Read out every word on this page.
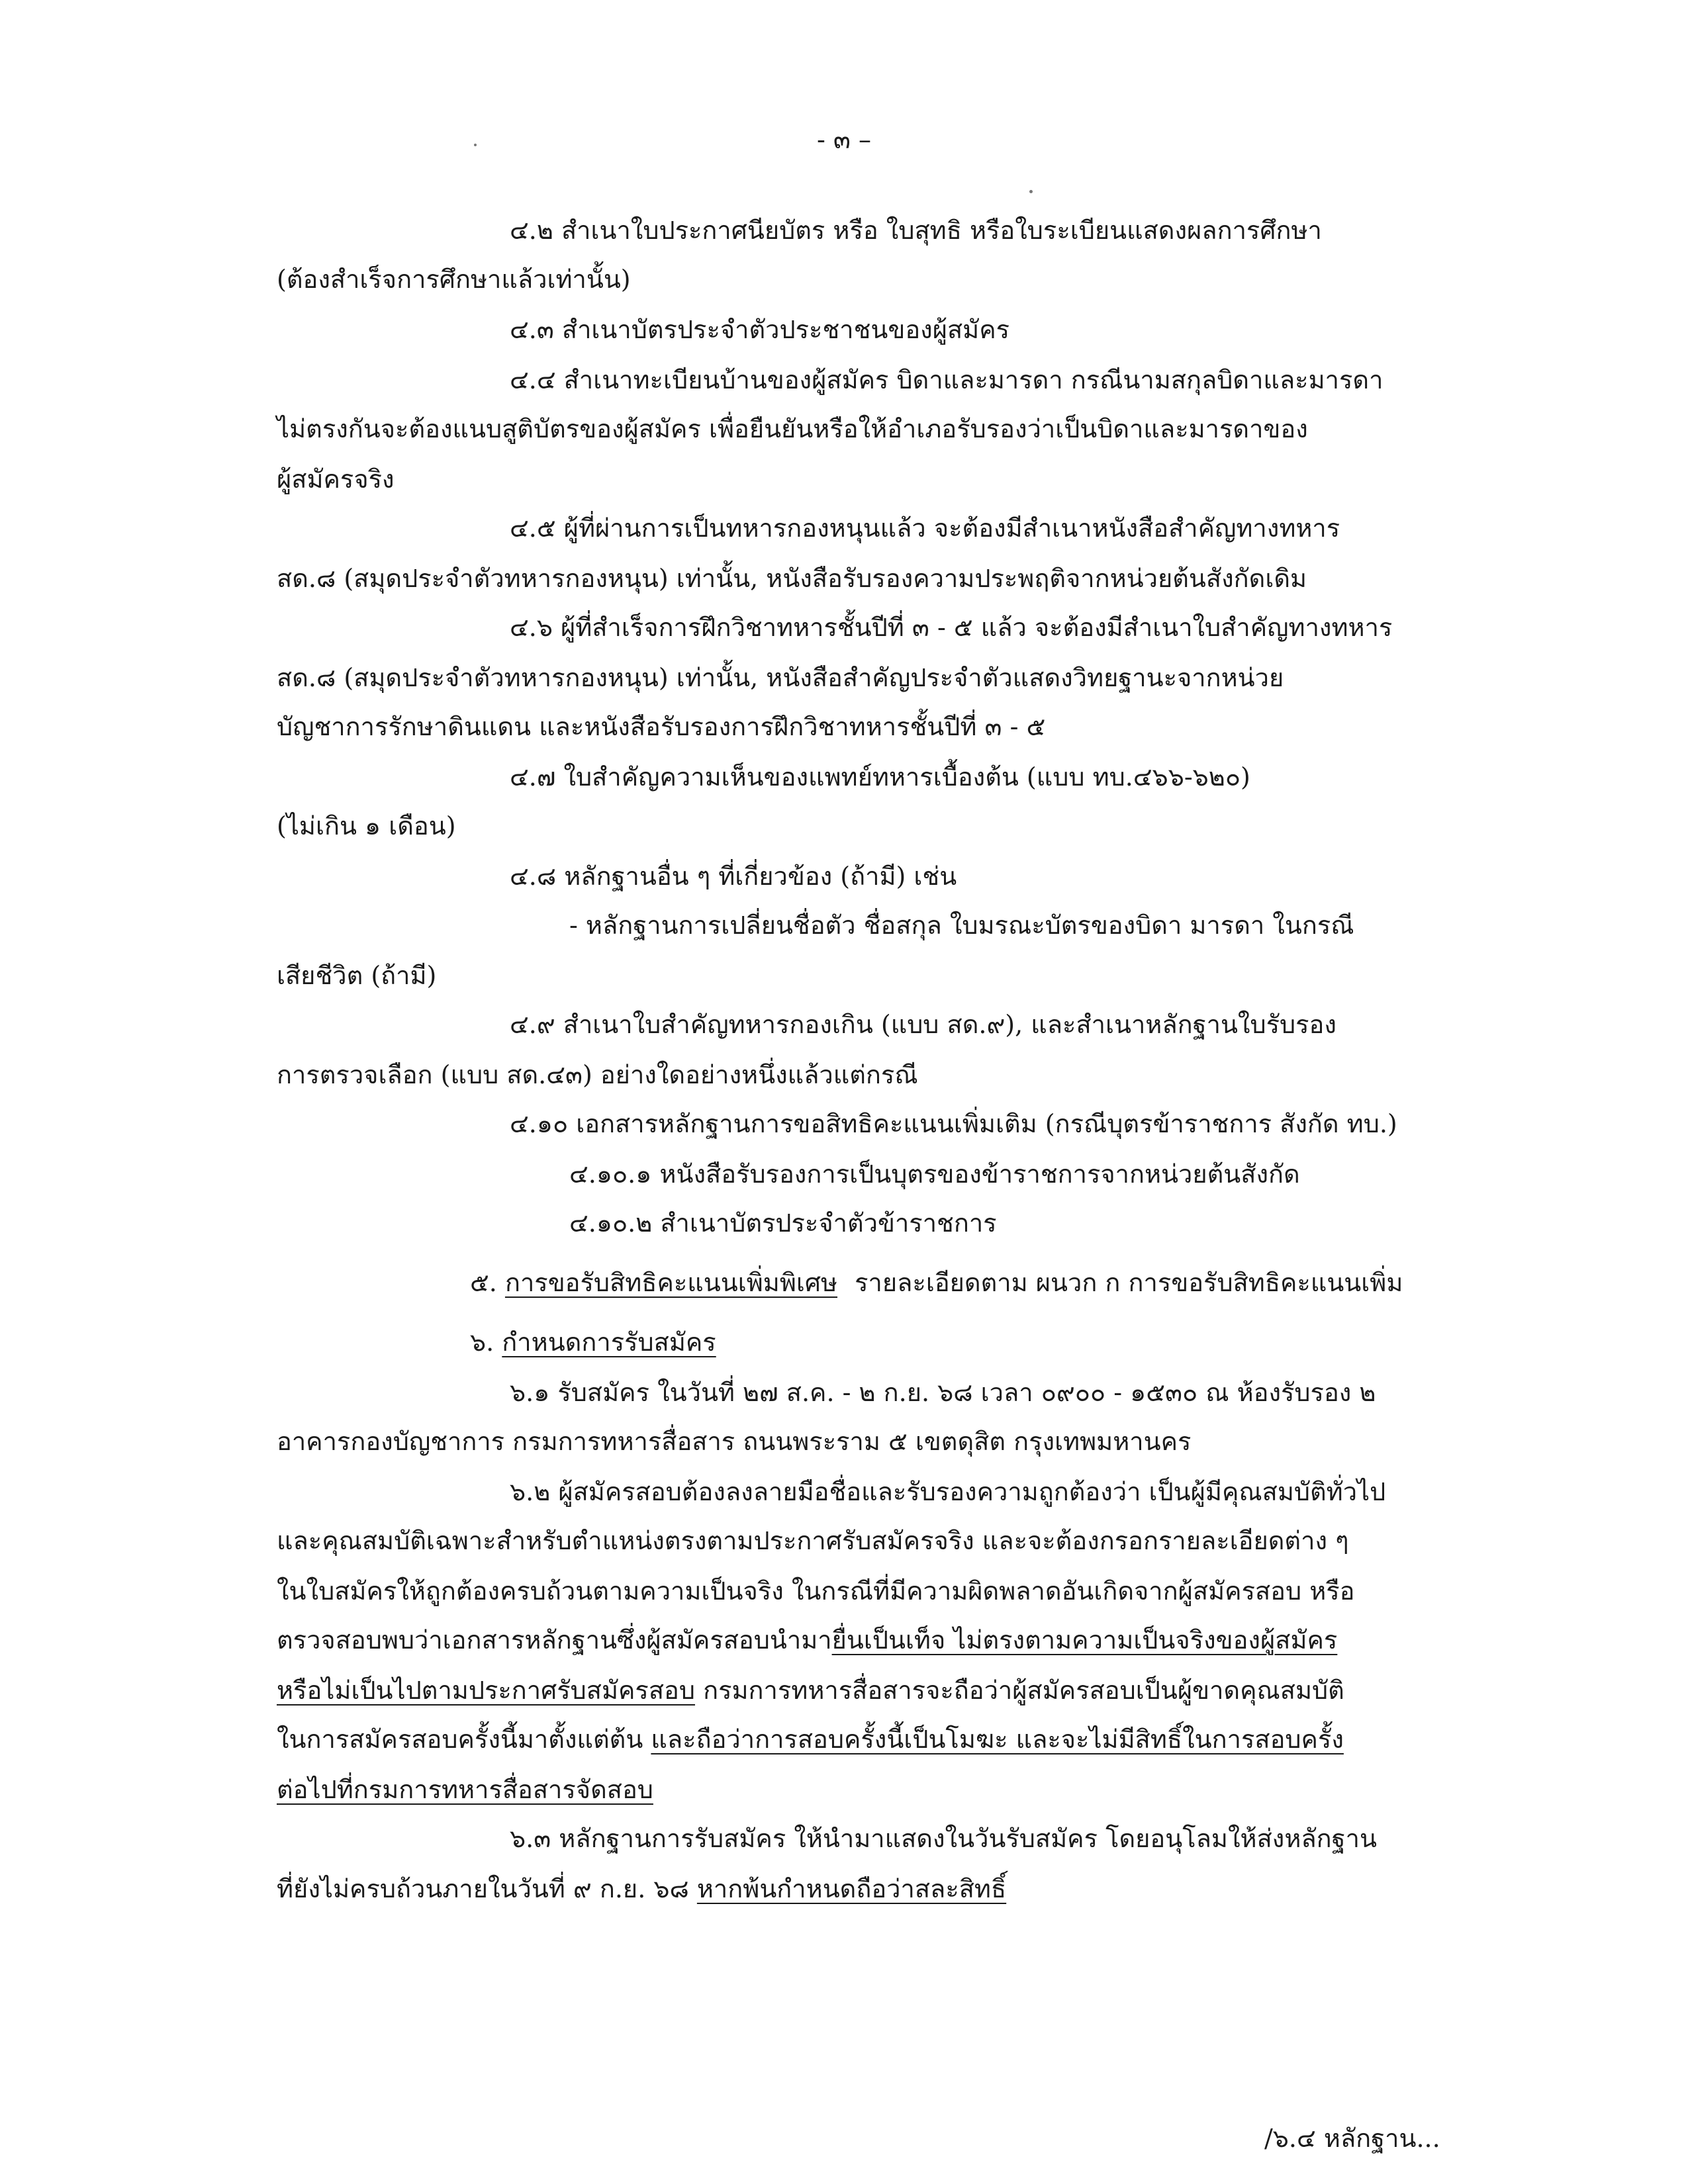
- ๓ –
๔.๒ สำเนาใบประกาศนียบัตร หรือ ใบสุทธิ หรือใบระเบียนแสดงผลการศึกษา
(ต้องสำเร็จการศึกษาแล้วเท่านั้น)
๔.๓ สำเนาบัตรประจำตัวประชาชนของผู้สมัคร
๔.๔ สำเนาทะเบียนบ้านของผู้สมัคร บิดาและมารดา กรณีนามสกุลบิดาและมารดา
ไม่ตรงกันจะต้องแนบสูติบัตรของผู้สมัคร เพื่อยืนยันหรือให้อำเภอรับรองว่าเป็นบิดาและมารดาของ
ผู้สมัครจริง
๔.๕ ผู้ที่ผ่านการเป็นทหารกองหนุนแล้ว จะต้องมีสำเนาหนังสือสำคัญทางทหาร
สด.๘ (สมุดประจำตัวทหารกองหนุน) เท่านั้น, หนังสือรับรองความประพฤติจากหน่วยต้นสังกัดเดิม
๔.๖ ผู้ที่สำเร็จการฝึกวิชาทหารชั้นปีที่ ๓ - ๕ แล้ว จะต้องมีสำเนาใบสำคัญทางทหาร
สด.๘ (สมุดประจำตัวทหารกองหนุน) เท่านั้น, หนังสือสำคัญประจำตัวแสดงวิทยฐานะจากหน่วย
บัญชาการรักษาดินแดน และหนังสือรับรองการฝึกวิชาทหารชั้นปีที่ ๓ - ๕
๔.๗ ใบสำคัญความเห็นของแพทย์ทหารเบื้องต้น (แบบ ทบ.๔๖๖-๖๒๐)
(ไม่เกิน ๑ เดือน)
๔.๘ หลักฐานอื่น ๆ ที่เกี่ยวข้อง (ถ้ามี) เช่น
- หลักฐานการเปลี่ยนชื่อตัว ชื่อสกุล ใบมรณะบัตรของบิดา มารดา ในกรณี
เสียชีวิต (ถ้ามี)
๔.๙ สำเนาใบสำคัญทหารกองเกิน (แบบ สด.๙), และสำเนาหลักฐานใบรับรอง
การตรวจเลือก (แบบ สด.๔๓) อย่างใดอย่างหนึ่งแล้วแต่กรณี
๔.๑๐ เอกสารหลักฐานการขอสิทธิคะแนนเพิ่มเติม (กรณีบุตรข้าราชการ สังกัด ทบ.)
๔.๑๐.๑ หนังสือรับรองการเป็นบุตรของข้าราชการจากหน่วยต้นสังกัด
๔.๑๐.๒ สำเนาบัตรประจำตัวข้าราชการ
๕. การขอรับสิทธิคะแนนเพิ่มพิเศษ รายละเอียดตาม ผนวก ก การขอรับสิทธิคะแนนเพิ่ม
๖. กำหนดการรับสมัคร
๖.๑ รับสมัคร ในวันที่ ๒๗ ส.ค. - ๒ ก.ย. ๖๘ เวลา ๐๙๐๐ - ๑๕๓๐ ณ ห้องรับรอง ๒
อาคารกองบัญชาการ กรมการทหารสื่อสาร ถนนพระราม ๕ เขตดุสิต กรุงเทพมหานคร
๖.๒ ผู้สมัครสอบต้องลงลายมือชื่อและรับรองความถูกต้องว่า เป็นผู้มีคุณสมบัติทั่วไป
และคุณสมบัติเฉพาะสำหรับตำแหน่งตรงตามประกาศรับสมัครจริง และจะต้องกรอกรายละเอียดต่าง ๆ
ในใบสมัครให้ถูกต้องครบถ้วนตามความเป็นจริง ในกรณีที่มีความผิดพลาดอันเกิดจากผู้สมัครสอบ หรือ
ตรวจสอบพบว่าเอกสารหลักฐานซึ่งผู้สมัครสอบนำมายื่นเป็นเท็จ ไม่ตรงตามความเป็นจริงของผู้สมัคร
หรือไม่เป็นไปตามประกาศรับสมัครสอบ กรมการทหารสื่อสารจะถือว่าผู้สมัครสอบเป็นผู้ขาดคุณสมบัติ
ในการสมัครสอบครั้งนี้มาตั้งแต่ต้น และถือว่าการสอบครั้งนี้เป็นโมฆะ และจะไม่มีสิทธิ์ในการสอบครั้ง
ต่อไปที่กรมการทหารสื่อสารจัดสอบ
๖.๓ หลักฐานการรับสมัคร ให้นำมาแสดงในวันรับสมัคร โดยอนุโลมให้ส่งหลักฐาน
ที่ยังไม่ครบถ้วนภายในวันที่ ๙ ก.ย. ๖๘ หากพ้นกำหนดถือว่าสละสิทธิ์
/๖.๔ หลักฐาน...
